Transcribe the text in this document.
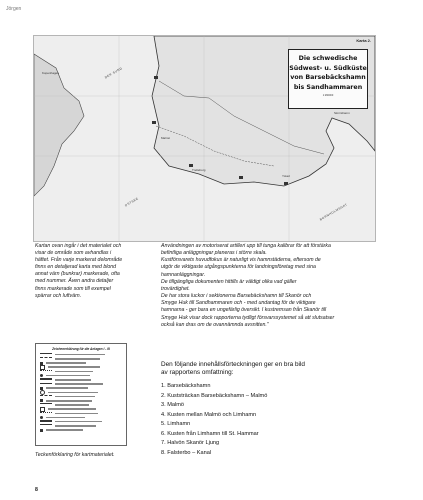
Jörgen
Karta 2.
Kopenhagen
Malmö
Trelleborg
Ystad
Simrishamn
DER SUND
OSTSEE
BORNHOLMSGAT
Die schwedische
Südwest- u. Südküste
von Barsebäckshamn
bis Sandhammaren
1:260000
Kartan ovan ingår i det materialet och
visar de område som avhandlas i
häftet. Från varje markerat delområde
finns en detaljerad karta med blond
annat värn (bunkrar) markerade, ofta
med nummer. Även andra detaljer
finns markerade som till exempel
spärrar och luftvärn.
Zeichenerklärung für die Anlagen I - III
Teckenförklaring för kartmaterialet.

Användningen av motoriserat artilleri upp till tunga kalibrar för att förstärka

befintliga anläggningar planeras i större skala.

Kustförsvarets huvudfokus är naturligt vis hamnstäderna, eftersom de

utgör de viktigaste utgångspunkterna för landningsföretag med sina

hamnanläggningar.

De tillgängliga dokumenten hittills är väldigt olika vad gäller

trovärdighet.

De har stora luckor i sektionerna Barsebäckshamn till Skanör och

Smyge Huk till Sandhammaren och - med undantag för de viktigare

hamnarna - ger bara en ungefärlig översikt. I kustremsan från Skanör till

Smyge Huk visar dock rapporterna tydligt försvarssystemet så att slutsatser

också kan dras om de ovannämnda avsnitten."

Den följande innehållsförteckningen ger en bra bild
av rapportens omfattning:
1. Barsebäckshamn
2. Kuststräckan Barsebäckshamn – Malmö
3. Malmö
4. Kusten mellan Malmö och Limhamn
5. Limhamn
6. Kusten från Limhamn till St. Hammar
7. Halvön Skanör Ljung
8. Falsterbo – Kanal
8
